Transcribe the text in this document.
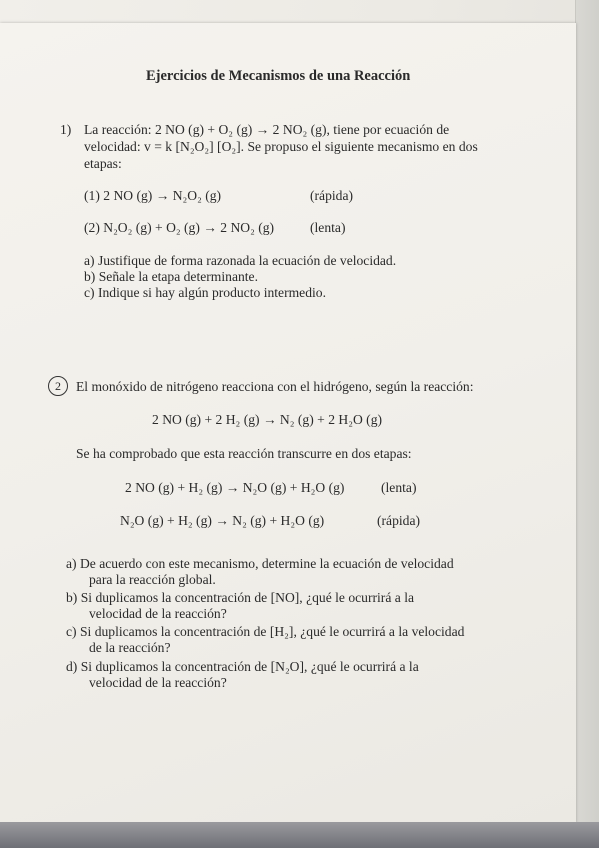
Ejercicios de Mecanismos de una Reacción
1) La reacción: 2 NO (g) + O₂ (g) → 2 NO₂ (g), tiene por ecuación de
velocidad: v = k [N₂O₂] [O₂]. Se propuso el siguiente mecanismo en dos
etapas:
(1) 2 NO (g) → N₂O₂ (g)	(rápida)
(2) N₂O₂ (g) + O₂ (g) → 2 NO₂ (g)	(lenta)
a) Justifique de forma razonada la ecuación de velocidad.
b) Señale la etapa determinante.
c) Indique si hay algún producto intermedio.
2	El monóxido de nitrógeno reacciona con el hidrógeno, según la reacción:
2 NO (g) + 2 H₂ (g) → N₂ (g) + 2 H₂O (g)
Se ha comprobado que esta reacción transcurre en dos etapas:
2 NO (g) + H₂ (g) → N₂O (g) + H₂O (g)	(lenta)
N₂O (g) + H₂ (g) → N₂ (g) + H₂O (g)	(rápida)
a) De acuerdo con este mecanismo, determine la ecuación de velocidad
para la reacción global.
b) Si duplicamos la concentración de [NO], ¿qué le ocurrirá a la
velocidad de la reacción?
c) Si duplicamos la concentración de [H₂], ¿qué le ocurrirá a la velocidad
de la reacción?
d) Si duplicamos la concentración de [N₂O], ¿qué le ocurrirá a la
velocidad de la reacción?
